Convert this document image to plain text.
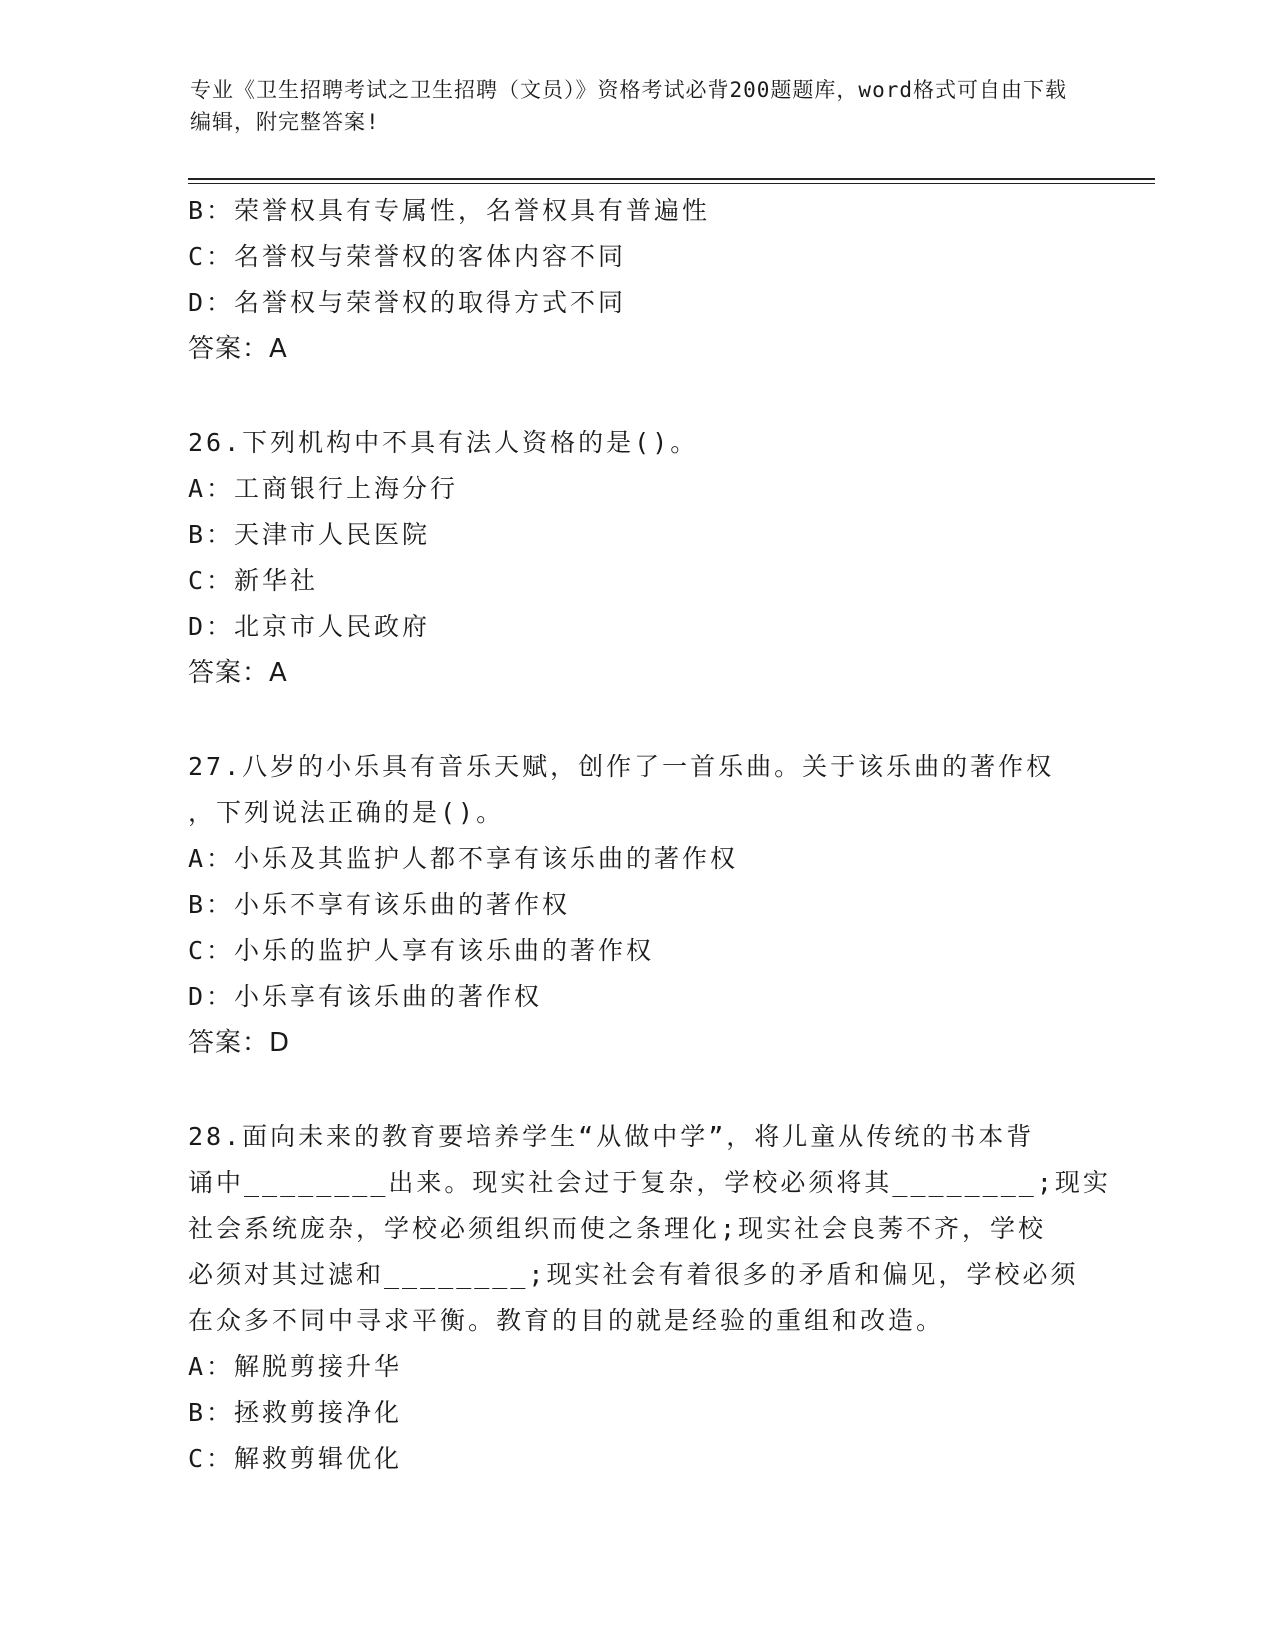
专业《卫生招聘考试之卫生招聘（文员）》资格考试必背200题题库，word格式可自由下载编辑，附完整答案!
B：荣誉权具有专属性，名誉权具有普遍性
C：名誉权与荣誉权的客体内容不同
D：名誉权与荣誉权的取得方式不同
答案：A
26.下列机构中不具有法人资格的是()。
A：工商银行上海分行
B：天津市人民医院
C：新华社
D：北京市人民政府
答案：A
27.八岁的小乐具有音乐天赋，创作了一首乐曲。关于该乐曲的著作权
，下列说法正确的是()。
A：小乐及其监护人都不享有该乐曲的著作权
B：小乐不享有该乐曲的著作权
C：小乐的监护人享有该乐曲的著作权
D：小乐享有该乐曲的著作权
答案：D
28.面向未来的教育要培养学生“从做中学”，将儿童从传统的书本背
诵中________出来。现实社会过于复杂，学校必须将其________;现实
社会系统庞杂，学校必须组织而使之条理化;现实社会良莠不齐，学校
必须对其过滤和________;现实社会有着很多的矛盾和偏见，学校必须
在众多不同中寻求平衡。教育的目的就是经验的重组和改造。
A：解脱剪接升华
B：拯救剪接净化
C：解救剪辑优化
